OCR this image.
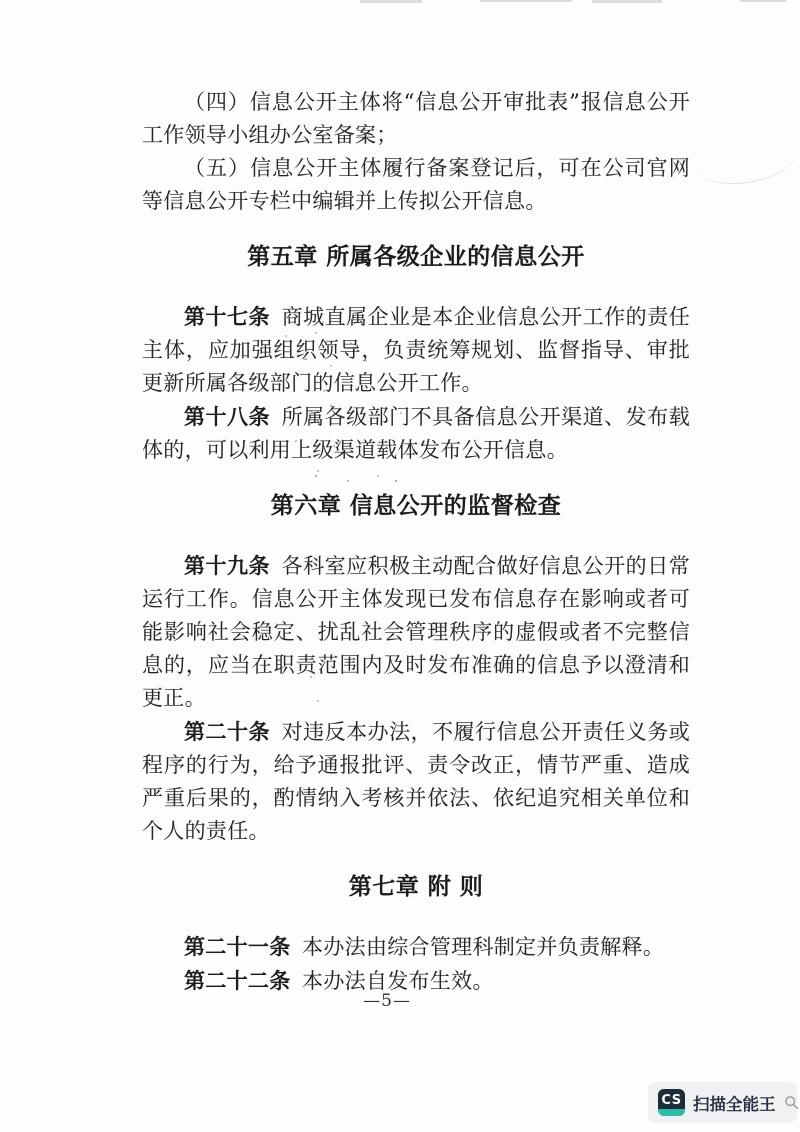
（四）信息公开主体将“信息公开审批表”报信息公开工作领导小组办公室备案；

（五）信息公开主体履行备案登记后，可在公司官网等信息公开专栏中编辑并上传拟公开信息。

第五章 所属各级企业的信息公开

第十七条 商城直属企业是本企业信息公开工作的责任主体，应加强组织领导，负责统筹规划、监督指导、审批更新所属各级部门的信息公开工作。

第十八条 所属各级部门不具备信息公开渠道、发布载体的，可以利用上级渠道载体发布公开信息。

第六章 信息公开的监督检查

第十九条 各科室应积极主动配合做好信息公开的日常运行工作。信息公开主体发现已发布信息存在影响或者可能影响社会稳定、扰乱社会管理秩序的虚假或者不完整信息的，应当在职责范围内及时发布准确的信息予以澄清和更正。

第二十条 对违反本办法，不履行信息公开责任义务或程序的行为，给予通报批评、责令改正，情节严重、造成严重后果的，酌情纳入考核并依法、依纪追究相关单位和个人的责任。

第七章 附 则

第二十一条 本办法由综合管理科制定并负责解释。

第二十二条 本办法自发布生效。

—5—
CS 扫描全能王
